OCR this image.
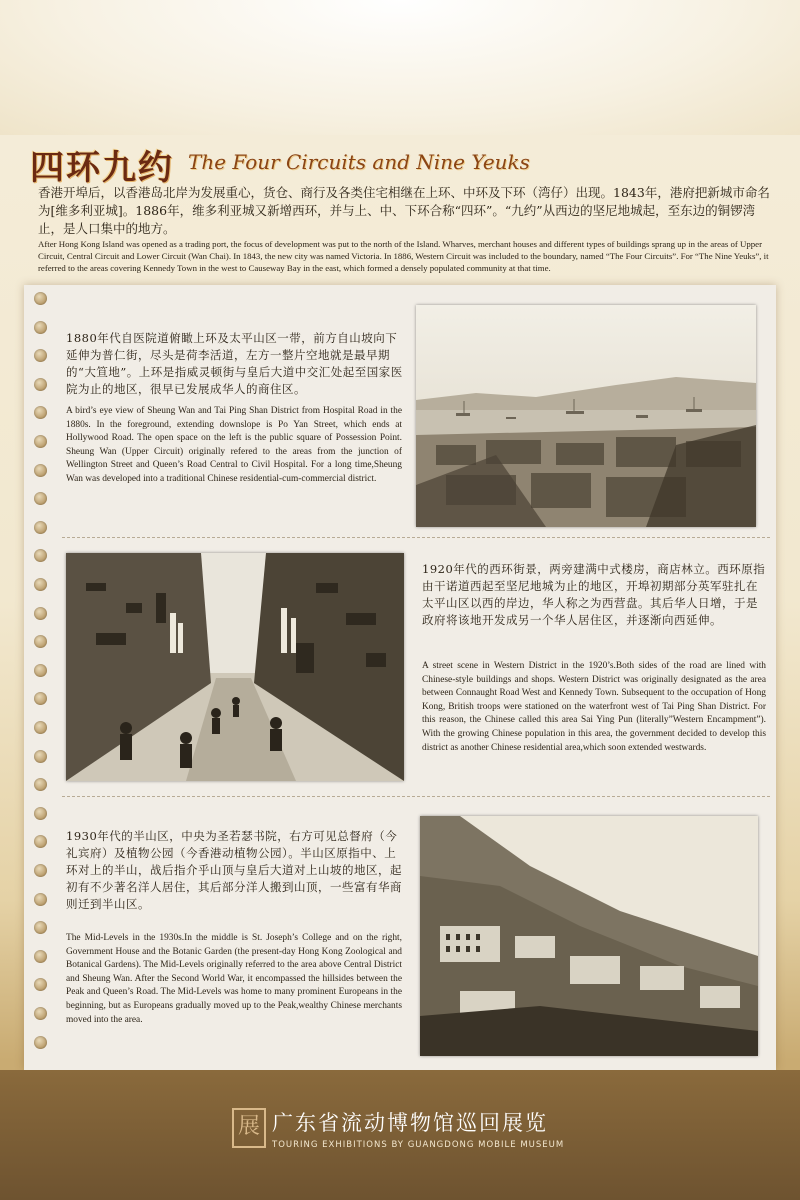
四环九约 The Four Circuits and Nine Yeuks
香港开埠后，以香港岛北岸为发展重心，货仓、商行及各类住宅相继在上环、中环及下环（湾仔）出现。1843年，港府把新城市命名为[维多利亚城]。1886年，维多利亚城又新增西环，并与上、中、下环合称“四环”。“九约”从西边的坚尼地城起，至东边的铜锣湾止，是人口集中的地方。
After Hong Kong Island was opened as a trading port, the focus of development was put to the north of the Island. Wharves, merchant houses and different types of buildings sprang up in the areas of Upper Circuit, Central Circuit and Lower Circuit (Wan Chai). In 1843, the new city was named Victoria. In 1886, Western Circuit was included to the boundary, named “The Four Circuits”. For “The Nine Yeuks”, it referred to the areas covering Kennedy Town in the west to Causeway Bay in the east, which formed a densely populated community at that time.
1880年代自医院道俯瞰上环及太平山区一带，前方自山坡向下延伸为普仁街，尽头是荷李活道，左方一整片空地就是最早期的“大笪地”。上环是指威灵顿街与皇后大道中交汇处起至国家医院为止的地区，很早已发展成华人的商住区。
A bird’s eye view of Sheung Wan and Tai Ping Shan District from Hospital Road in the 1880s. In the foreground, extending downslope is Po Yan Street, which ends at Hollywood Road. The open space on the left is the public square of Possession Point. Sheung Wan (Upper Circuit) originally refered to the areas from the junction of Wellington Street and Queen’s Road Central to Civil Hospital. For a long time,Sheung Wan was developed into a traditional Chinese residential-cum-commercial district.
1920年代的西环街景，两旁建满中式楼房，商店林立。西环原指由干诺道西起至坚尼地城为止的地区，开埠初期部分英军驻扎在太平山区以西的岸边，华人称之为西营盘。其后华人日增，于是政府将该地开发成另一个华人居住区，并逐渐向西延伸。
A street scene in Western District in the 1920’s.Both sides of the road are lined with Chinese-style buildings and shops. Western District was originally designated as the area between Connaught Road West and Kennedy Town. Subsequent to the occupation of Hong Kong, British troops were stationed on the waterfront west of Tai Ping Shan District. For this reason, the Chinese called this area Sai Ying Pun (literally”Western Encampment”). With the growing Chinese population in this area, the government decided to develop this district as another Chinese residential area,which soon extended westwards.
1930年代的半山区，中央为圣若瑟书院，右方可见总督府（今礼宾府）及植物公园（今香港动植物公园）。半山区原指中、上环对上的半山，战后指介乎山顶与皇后大道对上山坡的地区，起初有不少著名洋人居住，其后部分洋人搬到山顶，一些富有华商则迁到半山区。
The Mid-Levels in the 1930s.In the middle is St. Joseph’s College and on the right, Government House and the Botanic Garden (the present-day Hong Kong Zoological and Botanical Gardens). The Mid-Levels originally referred to the area above Central District and Sheung Wan. After the Second World War, it encompassed the hillsides between the Peak and Queen’s Road. The Mid-Levels was home to many prominent Europeans in the beginning, but as Europeans gradually moved up to the Peak,wealthy Chinese merchants moved into the area.
展 广东省流动博物馆巡回展览
TOURING EXHIBITIONS BY GUANGDONG MOBILE MUSEUM
